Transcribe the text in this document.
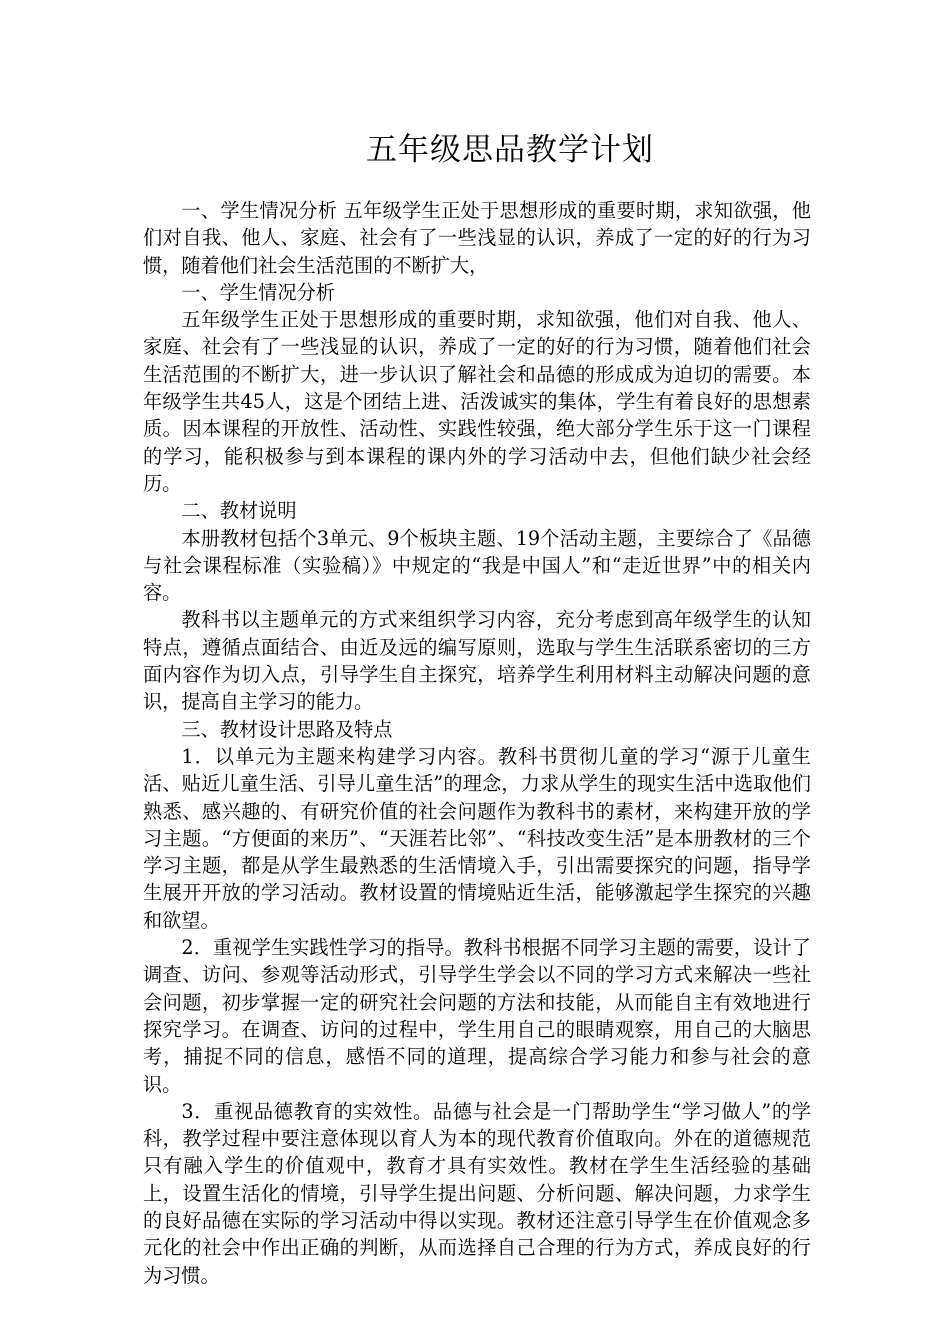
五年级思品教学计划

一、学生情况分析 五年级学生正处于思想形成的重要时期，求知欲强，他们对自我、他人、家庭、社会有了一些浅显的认识，养成了一定的好的行为习惯，随着他们社会生活范围的不断扩大，

一、学生情况分析

五年级学生正处于思想形成的重要时期，求知欲强，他们对自我、他人、家庭、社会有了一些浅显的认识，养成了一定的好的行为习惯，随着他们社会生活范围的不断扩大，进一步认识了解社会和品德的形成成为迫切的需要。本年级学生共45人，这是个团结上进、活泼诚实的集体，学生有着良好的思想素质。因本课程的开放性、活动性、实践性较强，绝大部分学生乐于这一门课程的学习，能积极参与到本课程的课内外的学习活动中去，但他们缺少社会经历。

二、教材说明

本册教材包括个3单元、9个板块主题、19个活动主题，主要综合了《品德与社会课程标准（实验稿）》中规定的“我是中国人”和“走近世界”中的相关内容。

教科书以主题单元的方式来组织学习内容，充分考虑到高年级学生的认知特点，遵循点面结合、由近及远的编写原则，选取与学生生活联系密切的三方面内容作为切入点，引导学生自主探究，培养学生利用材料主动解决问题的意识，提高自主学习的能力。

三、教材设计思路及特点

1．以单元为主题来构建学习内容。教科书贯彻儿童的学习“源于儿童生活、贴近儿童生活、引导儿童生活”的理念，力求从学生的现实生活中选取他们熟悉、感兴趣的、有研究价值的社会问题作为教科书的素材，来构建开放的学习主题。“方便面的来历”、“天涯若比邻”、“科技改变生活”是本册教材的三个学习主题，都是从学生最熟悉的生活情境入手，引出需要探究的问题，指导学生展开开放的学习活动。教材设置的情境贴近生活，能够激起学生探究的兴趣和欲望。

2．重视学生实践性学习的指导。教科书根据不同学习主题的需要，设计了调查、访问、参观等活动形式，引导学生学会以不同的学习方式来解决一些社会问题，初步掌握一定的研究社会问题的方法和技能，从而能自主有效地进行探究学习。在调查、访问的过程中，学生用自己的眼睛观察，用自己的大脑思考，捕捉不同的信息，感悟不同的道理，提高综合学习能力和参与社会的意识。

3．重视品德教育的实效性。品德与社会是一门帮助学生“学习做人”的学科，教学过程中要注意体现以育人为本的现代教育价值取向。外在的道德规范只有融入学生的价值观中，教育才具有实效性。教材在学生生活经验的基础上，设置生活化的情境，引导学生提出问题、分析问题、解决问题，力求学生的良好品德在实际的学习活动中得以实现。教材还注意引导学生在价值观念多元化的社会中作出正确的判断，从而选择自己合理的行为方式，养成良好的行为习惯。
